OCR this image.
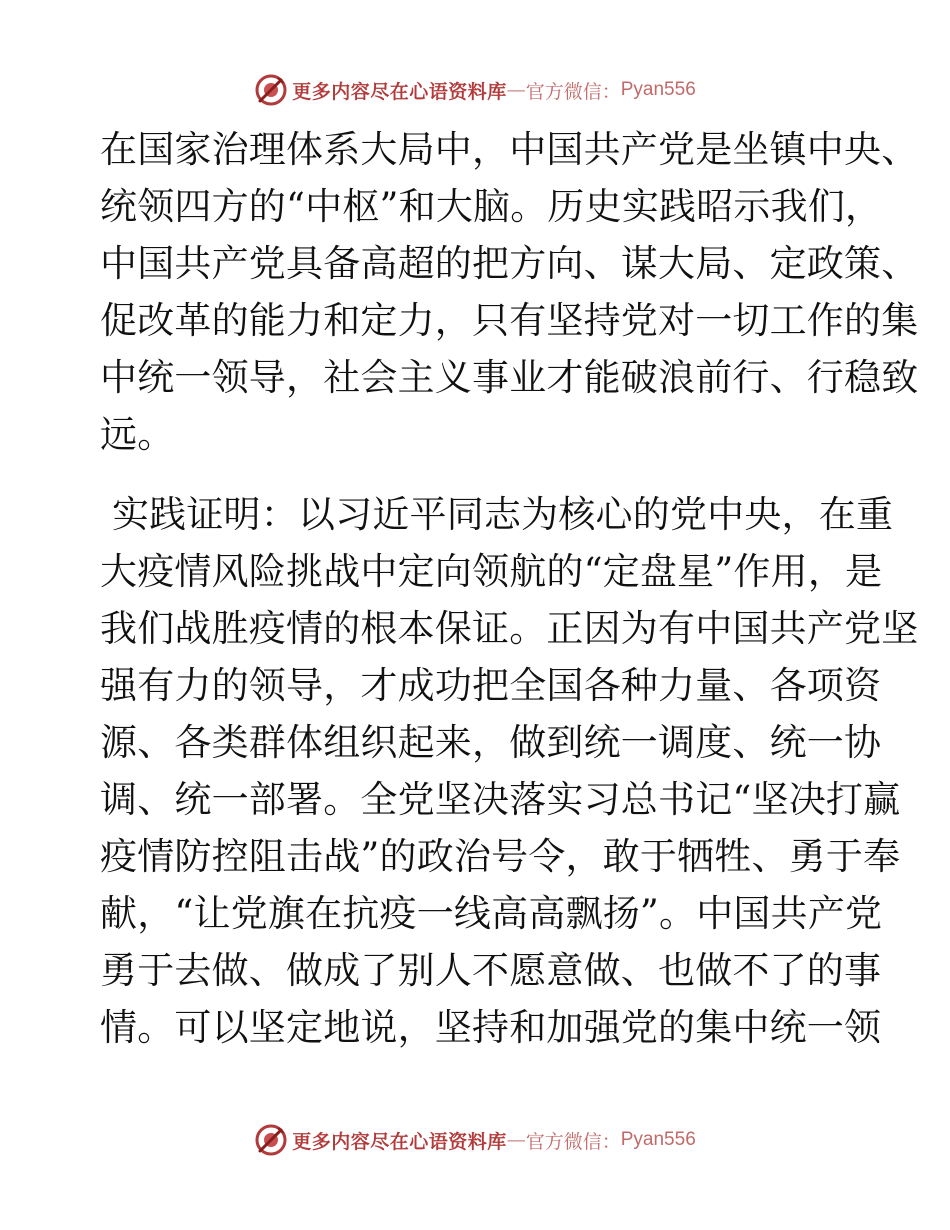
更多内容尽在心语资料库 — 官方微信： Pyan556

在国家治理体系大局中，中国共产党是坐镇中央、
统领四方的“中枢”和大脑。历史实践昭示我们，
中国共产党具备高超的把方向、谋大局、定政策、
促改革的能力和定力，只有坚持党对一切工作的集
中统一领导，社会主义事业才能破浪前行、行稳致
远。

实践证明：以习近平同志为核心的党中央，在重
大疫情风险挑战中定向领航的“定盘星”作用，是
我们战胜疫情的根本保证。正因为有中国共产党坚
强有力的领导，才成功把全国各种力量、各项资
源、各类群体组织起来，做到统一调度、统一协
调、统一部署。全党坚决落实习总书记“坚决打赢
疫情防控阻击战”的政治号令，敢于牺牲、勇于奉
献，“让党旗在抗疫一线高高飘扬”。中国共产党
勇于去做、做成了别人不愿意做、也做不了的事
情。可以坚定地说，坚持和加强党的集中统一领

更多内容尽在心语资料库 — 官方微信： Pyan556
